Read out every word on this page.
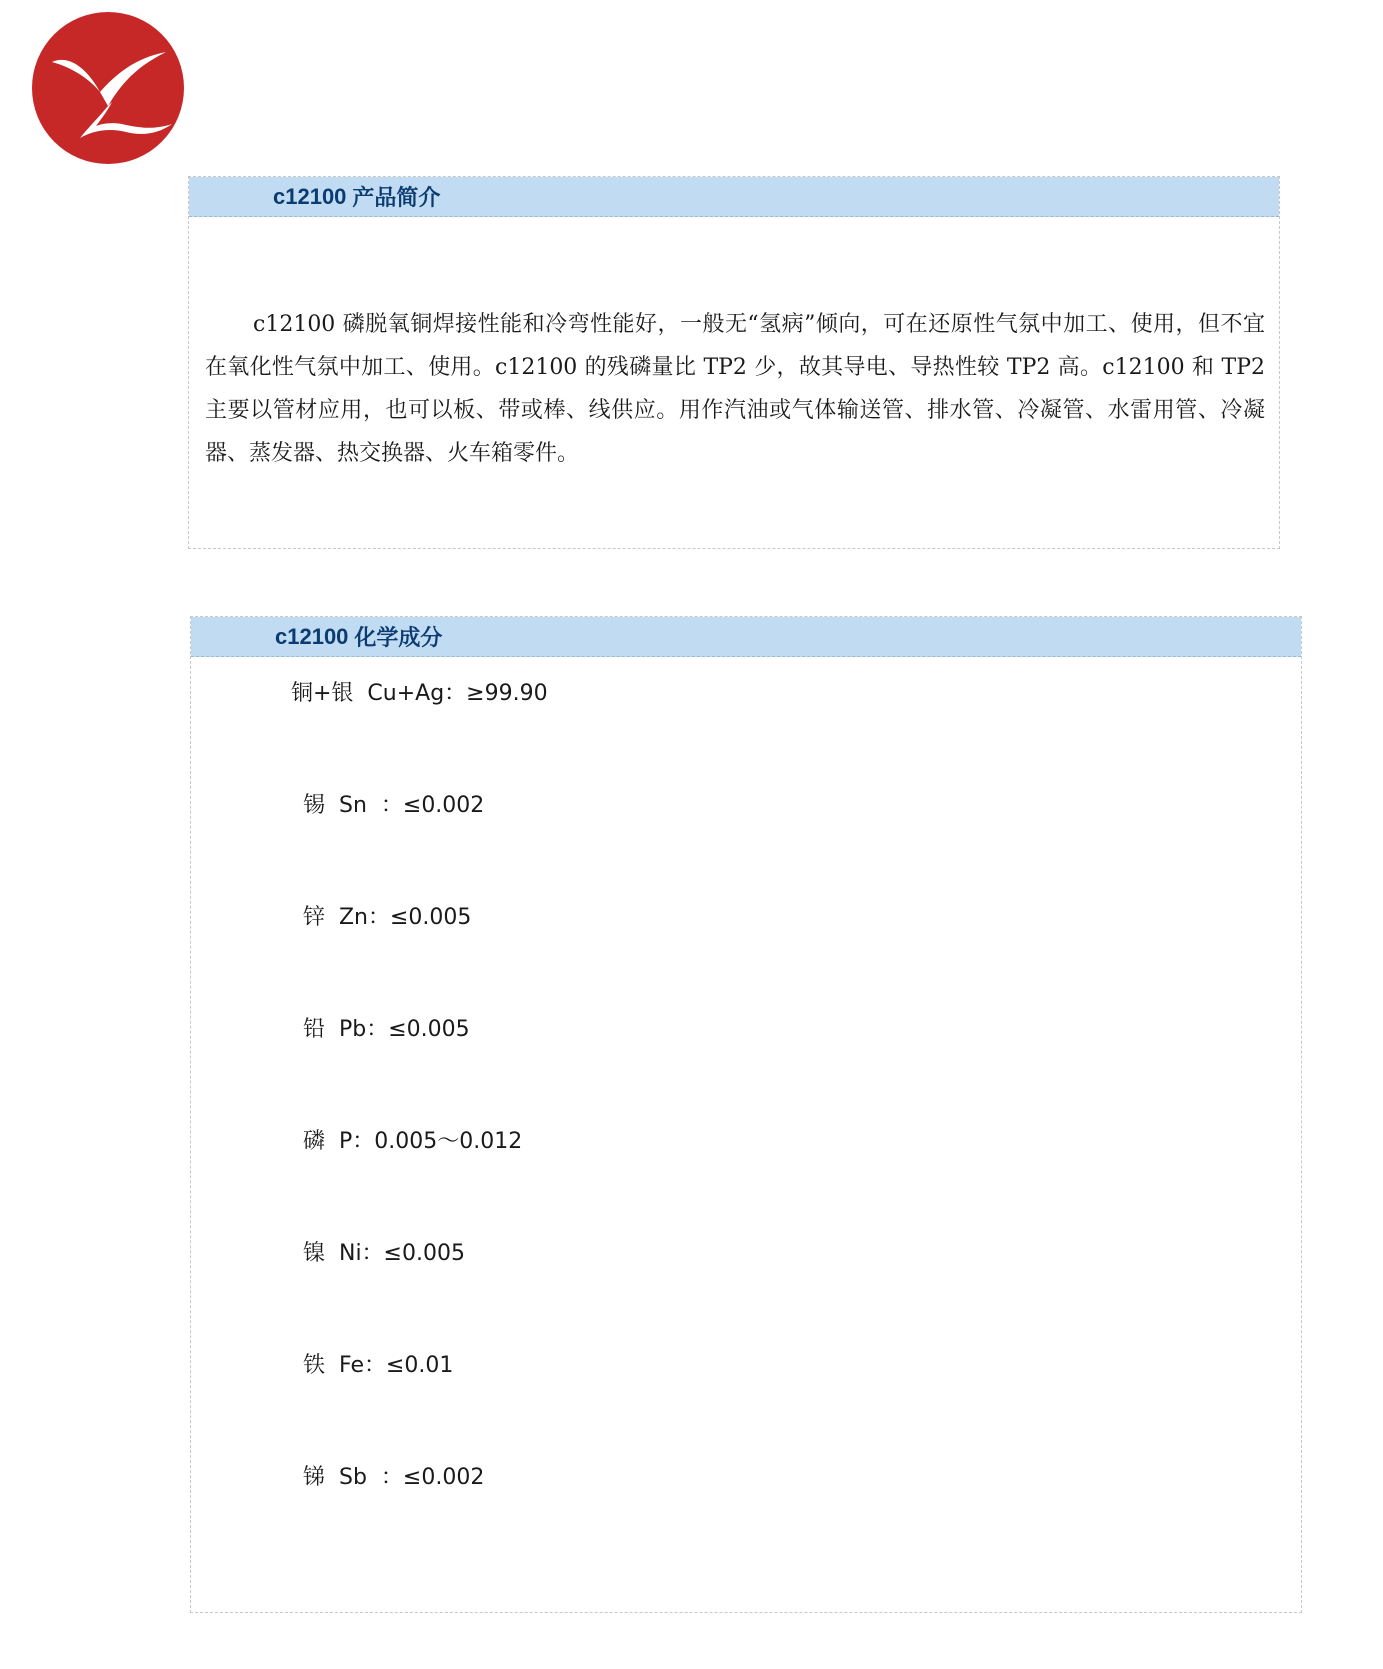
c12100 产品简介

c12100 磷脱氧铜焊接性能和冷弯性能好，一般无“氢病”倾向，可在还原性气氛中加工、使用，但不宜在氧化性气氛中加工、使用。c12100 的残磷量比 TP2 少，故其导电、导热性较 TP2 高。c12100 和 TP2 主要以管材应用，也可以板、带或棒、线供应。用作汽油或气体输送管、排水管、冷凝管、水雷用管、冷凝器、蒸发器、热交换器、火车箱零件。

c12100 化学成分
铜+银  Cu+Ag：≥99.90
锡  Sn  ：≤0.002
锌  Zn：≤0.005
铅  Pb：≤0.005
磷  P：0.005～0.012
镍  Ni：≤0.005
铁  Fe：≤0.01
锑  Sb  ：≤0.002
